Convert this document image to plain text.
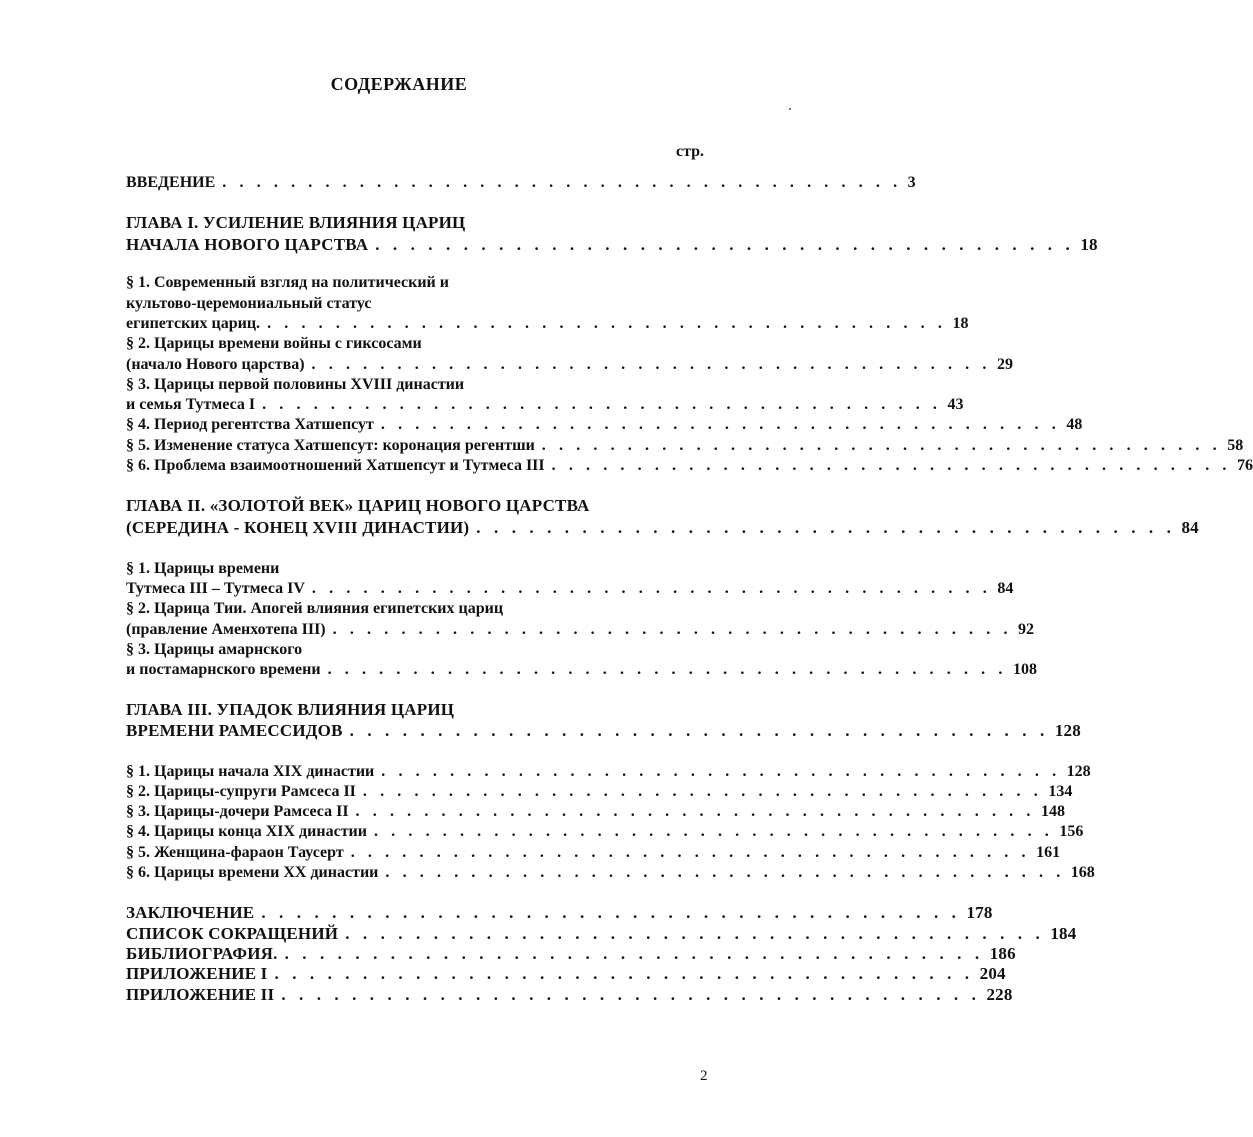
СОДЕРЖАНИЕ
стр.
ВВЕДЕНИЕ . . . . . . . . . . . . . . . . . . . . . . . . . . . . . . . . . . . . . . . . 3
ГЛАВА I. УСИЛЕНИЕ ВЛИЯНИЯ ЦАРИЦ
НАЧАЛА НОВОГО ЦАРСТВА . . . . . . . . . . . . . . . . . . . . . . . . . . . . . . . . . . . . . . . . 18
§ 1. Современный взгляд на политический и
культово-церемониальный статус
египетских цариц. . . . . . . . . . . . . . . . . . . . . . . . . . . . . . . . . . . . . . . . . 18
§ 2. Царицы времени войны с гиксосами
(начало Нового царства) . . . . . . . . . . . . . . . . . . . . . . . . . . . . . . . . . . . . . . . . 29
§ 3. Царицы первой половины XVIII династии
и семья Тутмеса I . . . . . . . . . . . . . . . . . . . . . . . . . . . . . . . . . . . . . . . . 43
§ 4. Период регентства Хатшепсут . . . . . . . . . . . . . . . . . . . . . . . . . . . . . . . . . . . . . . . . 48
§ 5. Изменение статуса Хатшепсут: коронация регентши . . . . . . . . . . . . . . . . . . . . . . . . . . . . . . . . . . . . . . . . 58
§ 6. Проблема взаимоотношений Хатшепсут и Тутмеса III . . . . . . . . . . . . . . . . . . . . . . . . . . . . . . . . . . . . . . . . 76
ГЛАВА II. «ЗОЛОТОЙ ВЕК» ЦАРИЦ НОВОГО ЦАРСТВА
(СЕРЕДИНА - КОНЕЦ XVIII ДИНАСТИИ) . . . . . . . . . . . . . . . . . . . . . . . . . . . . . . . . . . . . . . . . 84
§ 1. Царицы времени
Тутмеса III – Тутмеса IV . . . . . . . . . . . . . . . . . . . . . . . . . . . . . . . . . . . . . . . . 84
§ 2. Царица Тии. Апогей влияния египетских цариц
(правление Аменхотепа III) . . . . . . . . . . . . . . . . . . . . . . . . . . . . . . . . . . . . . . . . 92
§ 3. Царицы амарнского
и постамарнского времени . . . . . . . . . . . . . . . . . . . . . . . . . . . . . . . . . . . . . . . . 108
ГЛАВА III. УПАДОК ВЛИЯНИЯ ЦАРИЦ
ВРЕМЕНИ РАМЕССИДОВ . . . . . . . . . . . . . . . . . . . . . . . . . . . . . . . . . . . . . . . . 128
§ 1. Царицы начала XIX династии . . . . . . . . . . . . . . . . . . . . . . . . . . . . . . . . . . . . . . . . 128
§ 2. Царицы-супруги Рамсеса II . . . . . . . . . . . . . . . . . . . . . . . . . . . . . . . . . . . . . . . . 134
§ 3. Царицы-дочери Рамсеса II . . . . . . . . . . . . . . . . . . . . . . . . . . . . . . . . . . . . . . . . 148
§ 4. Царицы конца XIX династии . . . . . . . . . . . . . . . . . . . . . . . . . . . . . . . . . . . . . . . . 156
§ 5. Женщина-фараон Таусерт . . . . . . . . . . . . . . . . . . . . . . . . . . . . . . . . . . . . . . . . 161
§ 6. Царицы времени XX династии . . . . . . . . . . . . . . . . . . . . . . . . . . . . . . . . . . . . . . . . 168
ЗАКЛЮЧЕНИЕ . . . . . . . . . . . . . . . . . . . . . . . . . . . . . . . . . . . . . . . . 178
СПИСОК СОКРАЩЕНИЙ . . . . . . . . . . . . . . . . . . . . . . . . . . . . . . . . . . . . . . . . 184
БИБЛИОГРАФИЯ. . . . . . . . . . . . . . . . . . . . . . . . . . . . . . . . . . . . . . . . . 186
ПРИЛОЖЕНИЕ I . . . . . . . . . . . . . . . . . . . . . . . . . . . . . . . . . . . . . . . . 204
ПРИЛОЖЕНИЕ II . . . . . . . . . . . . . . . . . . . . . . . . . . . . . . . . . . . . . . . . 228
2
